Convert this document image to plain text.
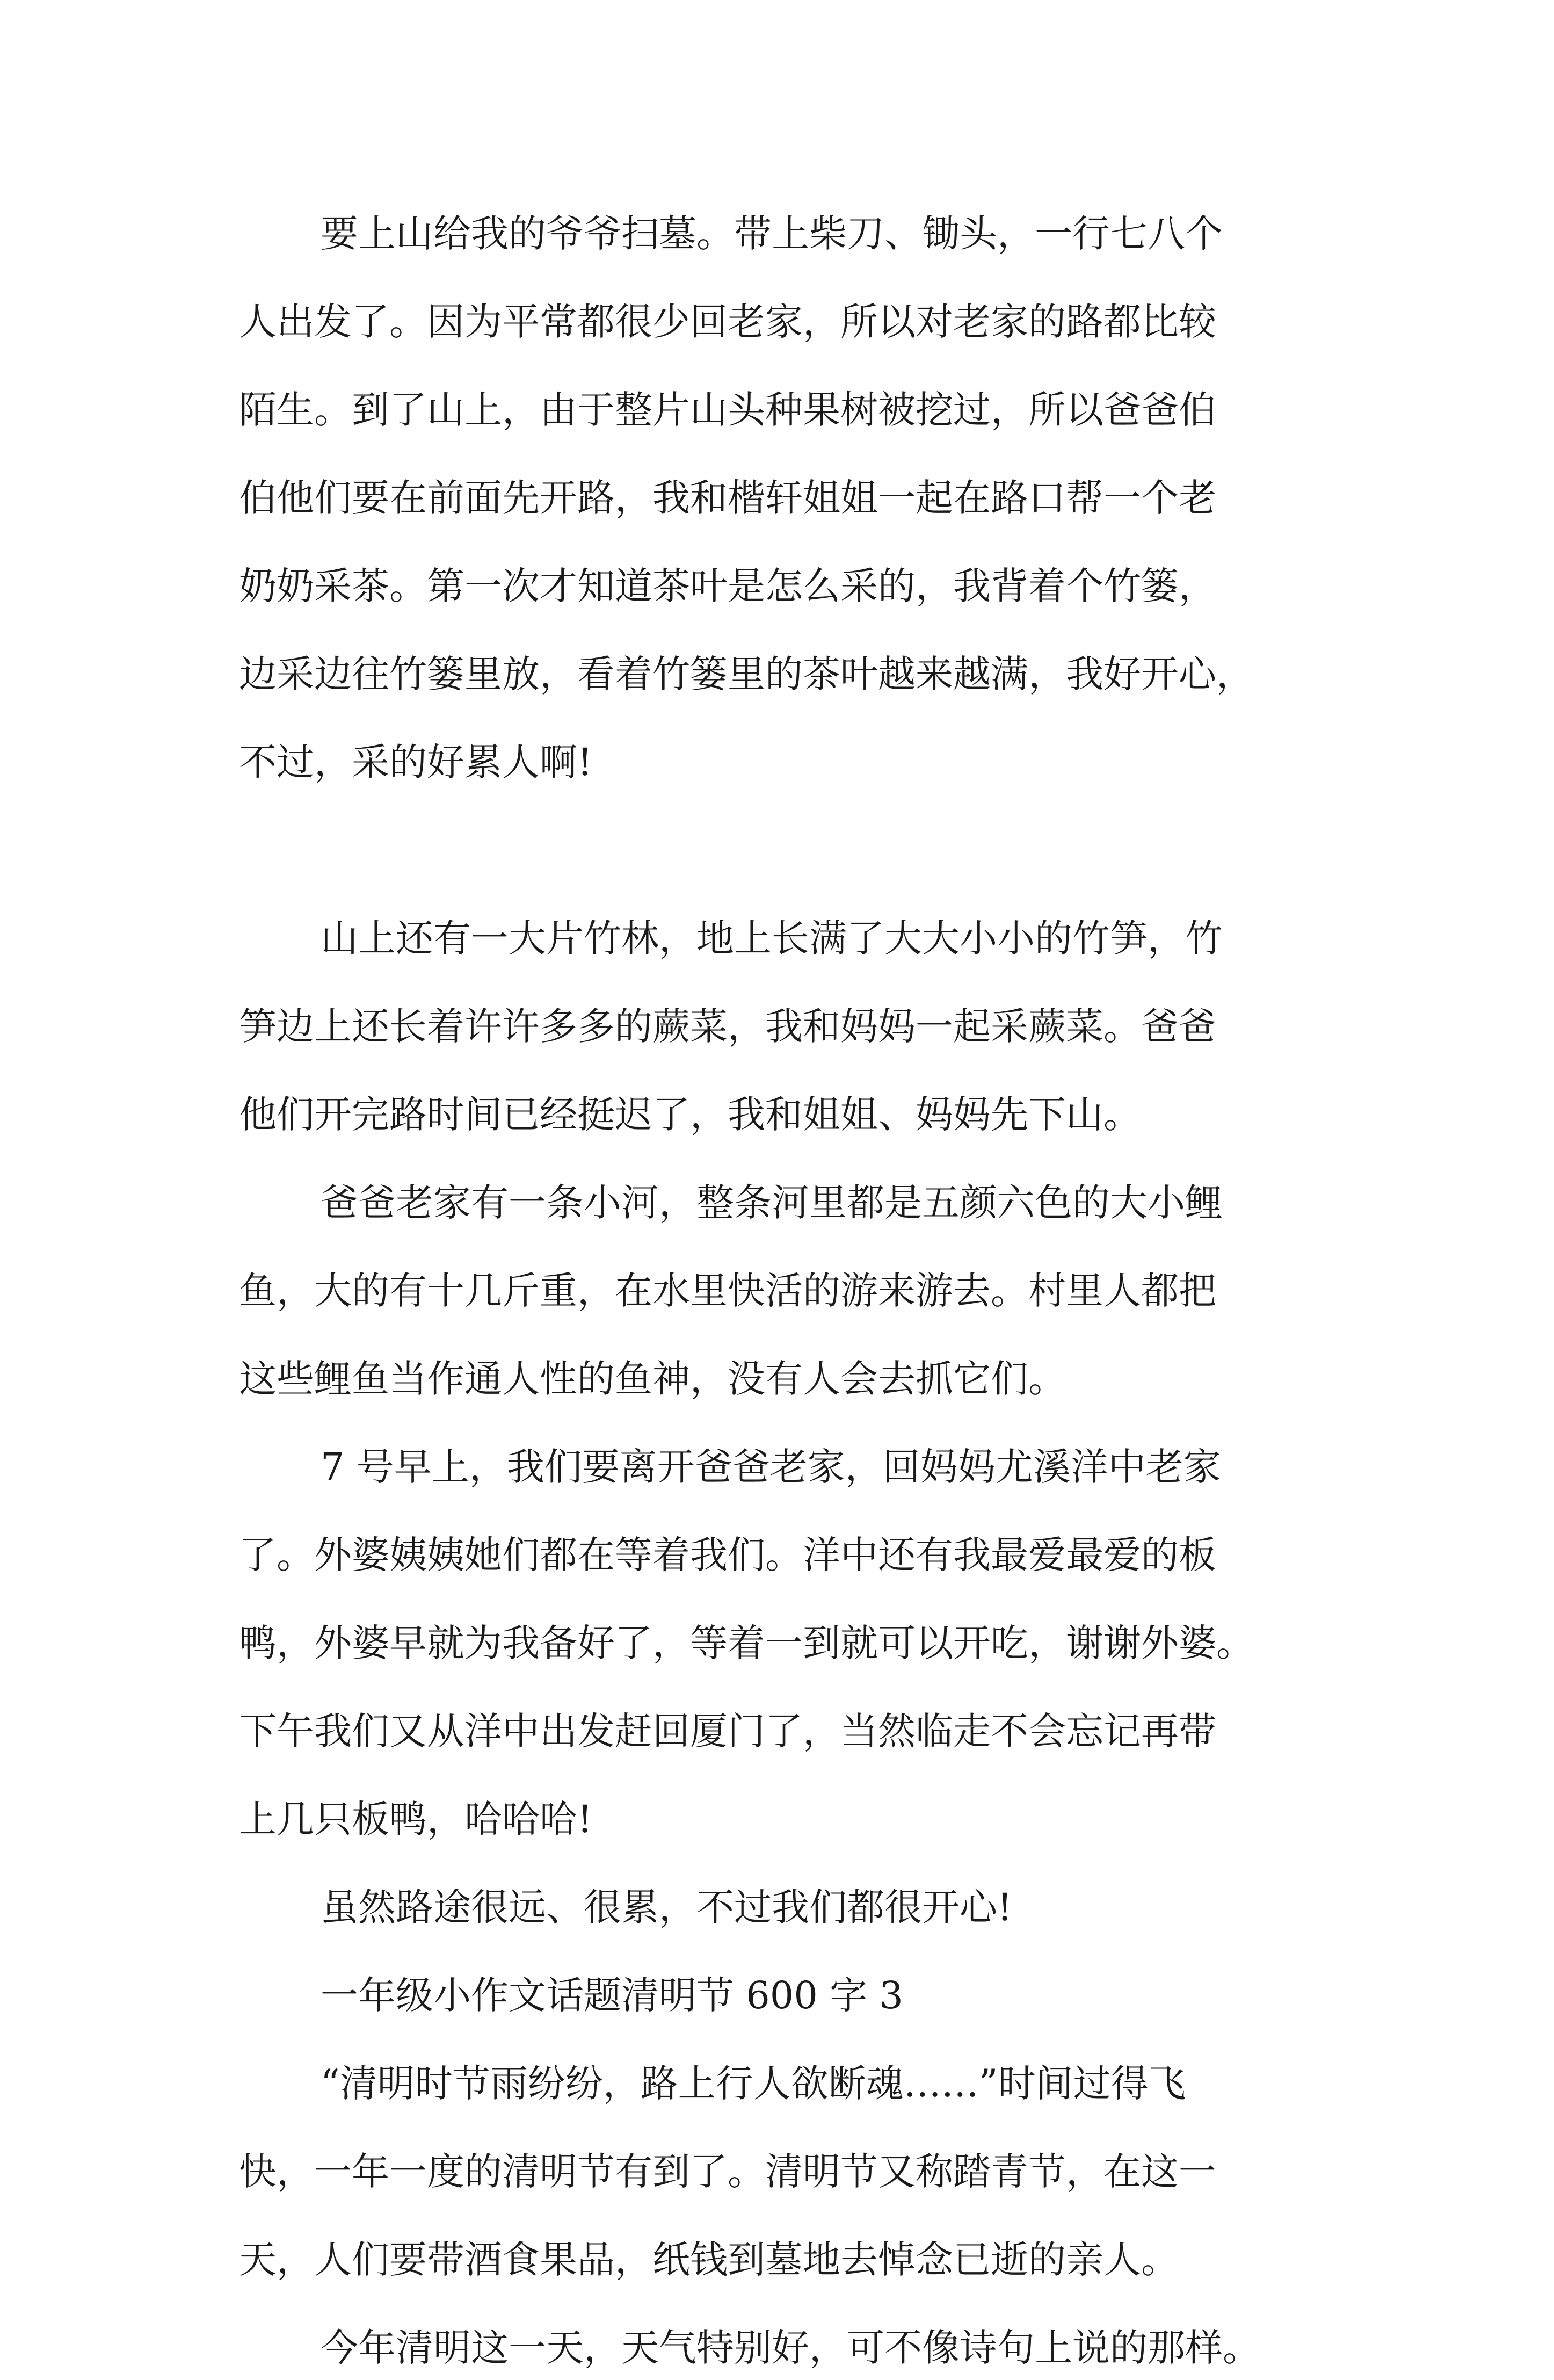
要上山给我的爷爷扫墓。带上柴刀、锄头，一行七八个
人出发了。因为平常都很少回老家，所以对老家的路都比较
陌生。到了山上，由于整片山头种果树被挖过，所以爸爸伯
伯他们要在前面先开路，我和楷轩姐姐一起在路口帮一个老
奶奶采茶。第一次才知道茶叶是怎么采的，我背着个竹篓，
边采边往竹篓里放，看着竹篓里的茶叶越来越满，我好开心，
不过，采的好累人啊!
山上还有一大片竹林，地上长满了大大小小的竹笋，竹
笋边上还长着许许多多的蕨菜，我和妈妈一起采蕨菜。爸爸
他们开完路时间已经挺迟了，我和姐姐、妈妈先下山。
爸爸老家有一条小河，整条河里都是五颜六色的大小鲤
鱼，大的有十几斤重，在水里快活的游来游去。村里人都把
这些鲤鱼当作通人性的鱼神，没有人会去抓它们。
7 号早上，我们要离开爸爸老家，回妈妈尤溪洋中老家
了。外婆姨姨她们都在等着我们。洋中还有我最爱最爱的板
鸭，外婆早就为我备好了，等着一到就可以开吃，谢谢外婆。
下午我们又从洋中出发赶回厦门了，当然临走不会忘记再带
上几只板鸭，哈哈哈!
虽然路途很远、很累，不过我们都很开心!
一年级小作文话题清明节 600 字 3
“清明时节雨纷纷，路上行人欲断魂……”时间过得飞
快，一年一度的清明节有到了。清明节又称踏青节，在这一
天，人们要带酒食果品，纸钱到墓地去悼念已逝的亲人。
今年清明这一天，天气特别好，可不像诗句上说的那样。
